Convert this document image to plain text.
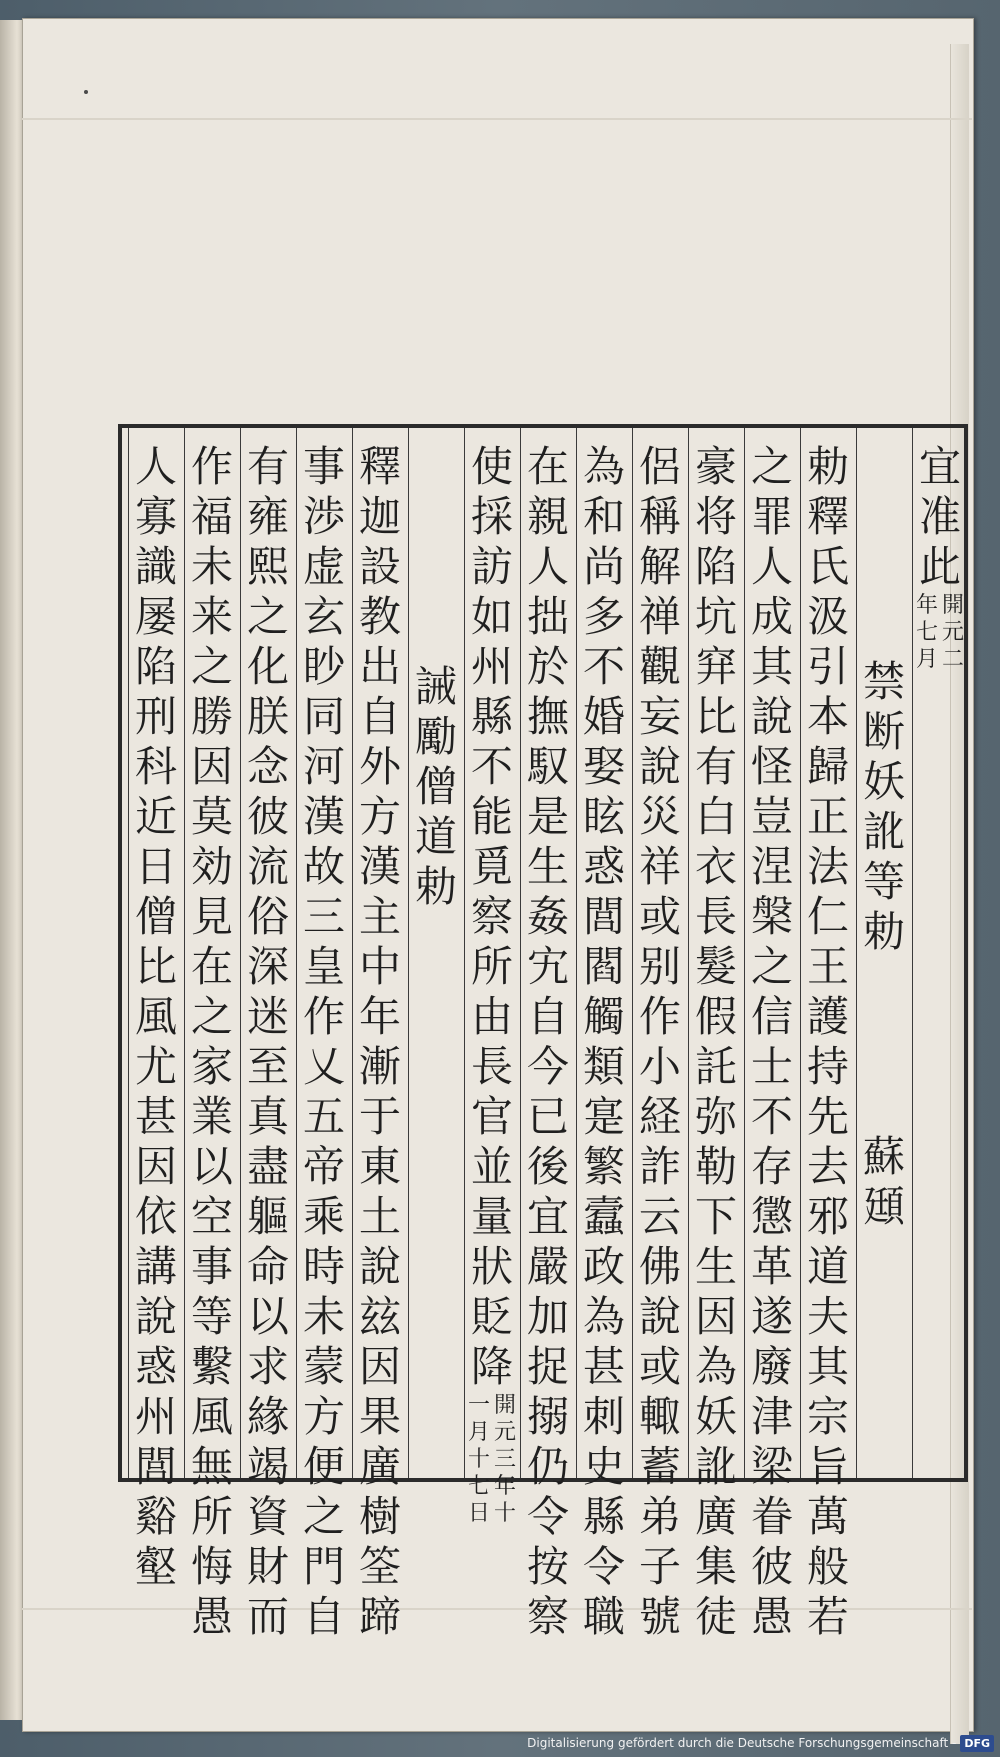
宜
准
此
禁
断
妖
訛
等
勅
蘇
頲
勅
釋
氏
汲
引
本
歸
正
法
仁
王
護
持
先
去
邪
道
夫
其
宗
旨
萬
般
若
之
罪
人
成
其
說
怪
豈
涅
槃
之
信
士
不
存
懲
革
遂
廢
津
梁
眷
彼
愚
豪
将
陷
坑
穽
比
有
白
衣
長
髮
假
託
弥
勒
下
生
因
為
妖
訛
廣
集
徒
侶
稱
解
禅
觀
妄
說
災
祥
或
别
作
小
経
詐
云
佛
說
或
輙
蓄
弟
子
號
為
和
尚
多
不
婚
娶
眩
惑
閭
閻
觸
類
寔
繁
蠧
政
為
甚
刺
史
縣
令
職
在
親
人
拙
於
撫
馭
是
生
姦
宄
自
今
已
後
宜
嚴
加
捉
搦
仍
令
按
察
使
採
訪
如
州
縣
不
能
覓
察
所
由
長
官
並
量
狀
貶
降
誡
勵
僧
道
勅
釋
迦
設
教
出
自
外
方
漢
主
中
年
漸
于
東
土
說
玆
因
果
廣
樹
筌
蹄
事
渉
虚
玄
眇
同
河
漢
故
三
皇
作
乂
五
帝
乘
時
未
蒙
方
便
之
門
自
有
雍
熙
之
化
朕
念
彼
流
俗
深
迷
至
真
盡
軀
命
以
求
緣
竭
資
財
而
作
福
未
来
之
勝
因
莫
効
見
在
之
家
業
以
空
事
等
繫
風
無
所
悔
愚
人
寡
識
屡
陷
刑
科
近
日
僧
比
風
尤
甚
因
依
講
說
惑
州
閭
谿
壑
開
元
二
年
七
月
開
元
三
年
十
一
月
十
七
日
Digitalisierung gefördert durch die Deutsche Forschungsgemeinschaft - DFG
